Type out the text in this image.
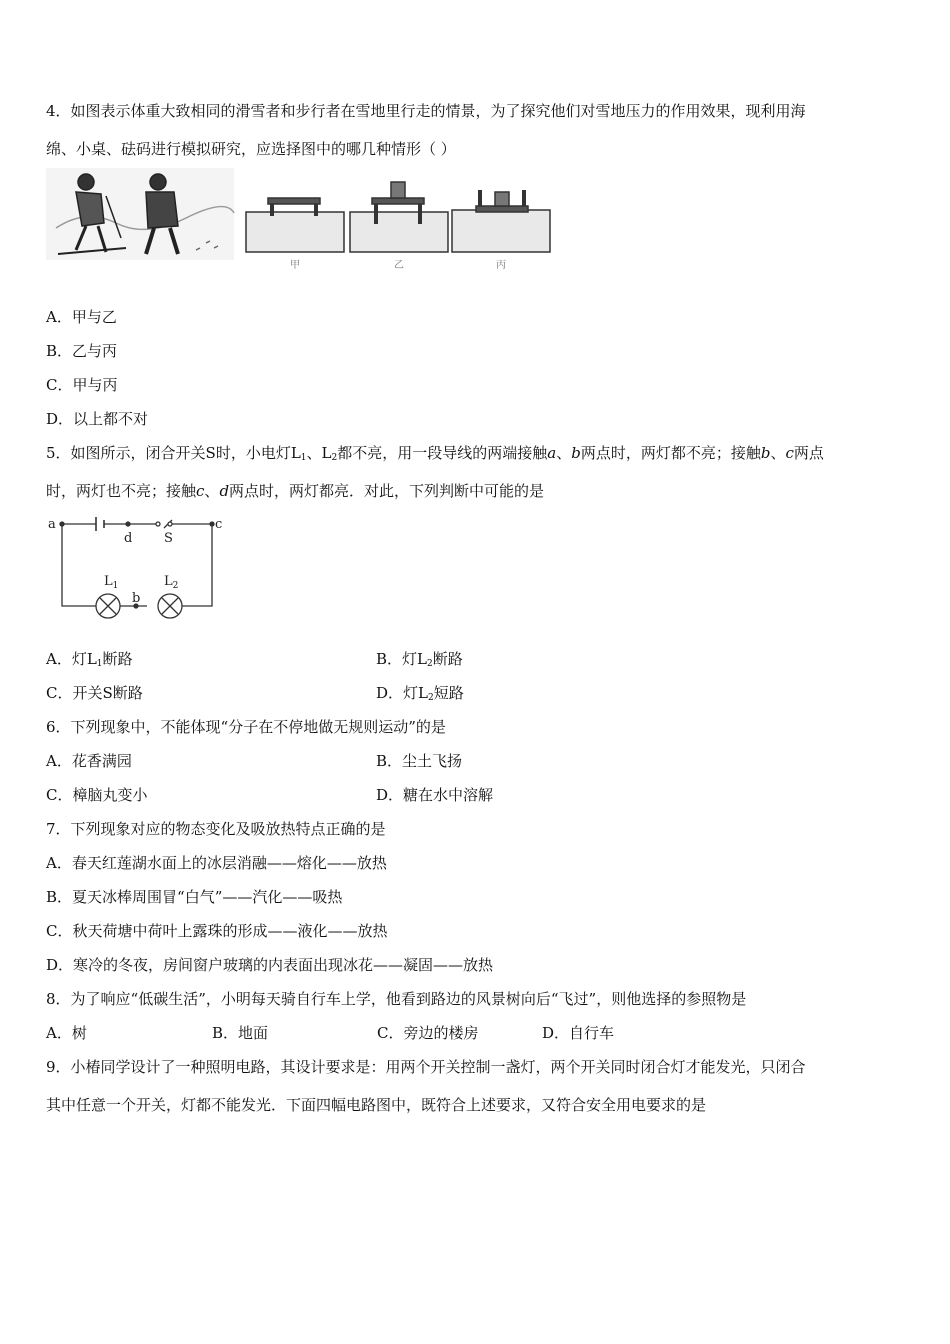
4．如图表示体重大致相同的滑雪者和步行者在雪地里行走的情景，为了探究他们对雪地压力的作用效果，现利用海
绵、小桌、砝码进行模拟研究，应选择图中的哪几种情形（ ）
甲	乙	丙
A．甲与乙
B．乙与丙
C．甲与丙
D．以上都不对
5．如图所示，闭合开关S时，小电灯$L_1$、$L_2$都不亮，用一段导线的两端接触a、b两点时，两灯都不亮；接触b、c两点
时，两灯也不亮；接触c、d两点时，两灯都亮．对此，下列判断中可能的是
a	c
d S
b
$L_1$	$L_2$
A．灯$L_1$断路	B．灯$L_2$断路
C．开关S断路	D．灯$L_2$短路
6．下列现象中，不能体现“分子在不停地做无规则运动”的是
A．花香满园	B．尘土飞扬
C．樟脑丸变小	D．糖在水中溶解
7．下列现象对应的物态变化及吸放热特点正确的是
A．春天红莲湖水面上的冰层消融——熔化——放热
B．夏天冰棒周围冒“白气”——汽化——吸热
C．秋天荷塘中荷叶上露珠的形成——液化——放热
D．寒冷的冬夜，房间窗户玻璃的内表面出现冰花——凝固——放热
8．为了响应“低碳生活”，小明每天骑自行车上学，他看到路边的风景树向后“飞过”，则他选择的参照物是
A．树	B．地面	C．旁边的楼房	D．自行车
9．小椿同学设计了一种照明电路，其设计要求是：用两个开关控制一盏灯，两个开关同时闭合灯才能发光，只闭合
其中任意一个开关，灯都不能发光．下面四幅电路图中，既符合上述要求，又符合安全用电要求的是
